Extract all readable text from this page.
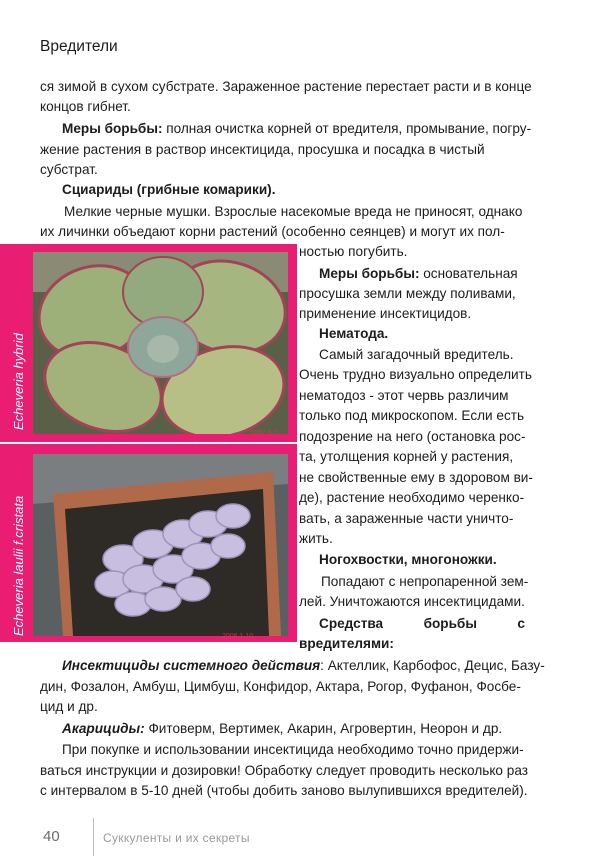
Вредители
ся зимой в сухом субстрате. Зараженное растение перестает расти и в конце
концов гибнет.
Меры борьбы: полная очистка корней от вредителя, промывание, погру-
жение растения в раствор инсектицида, просушка и посадка в чистый
субстрат.
Сциариды (грибные комарики).
Мелкие черные мушки. Взрослые насекомые вреда не приносят, однако
их личинки объедают корни растений (особенно сеянцев) и могут их пол-
ностью погубить.
Меры борьбы: основательная
просушка земли между поливами,
применение инсектицидов.
Нематода.
Самый загадочный вредитель.
Очень трудно визуально определить
нематодоз - этот червь различим
только под микроскопом. Если есть
подозрение на него (остановка рос-
та, утолщения корней у растения,
не свойственные ему в здоровом ви-
де), растение необходимо черенко-
вать, а зараженные части уничто-
жить.
Ногохвостки, многоножки.
Попадают с непропаренной зем-
лей. Уничтожаются инсектицидами.
Средства борьбы с
вредителями:
Инсектициды системного действия: Актеллик, Карбофос, Децис, Базу-
дин, Фозалон, Амбуш, Цимбуш, Конфидор, Актара, Рогор, Фуфанон, Фосбе-
цид и др.
Акарициды: Фитоверм, Вертимек, Акарин, Агровертин, Неорон и др.
При покупке и использовании инсектицида необходимо точно придержи-
ваться инструкции и дозировки! Обработку следует проводить несколько раз
с интервалом в 5-10 дней (чтобы добить заново вылупившихся вредителей).
Echeveria hybrid
2007.3.7
Echeveria laulii f.cristata
2006.1.10
40	Суккуленты и их секреты
